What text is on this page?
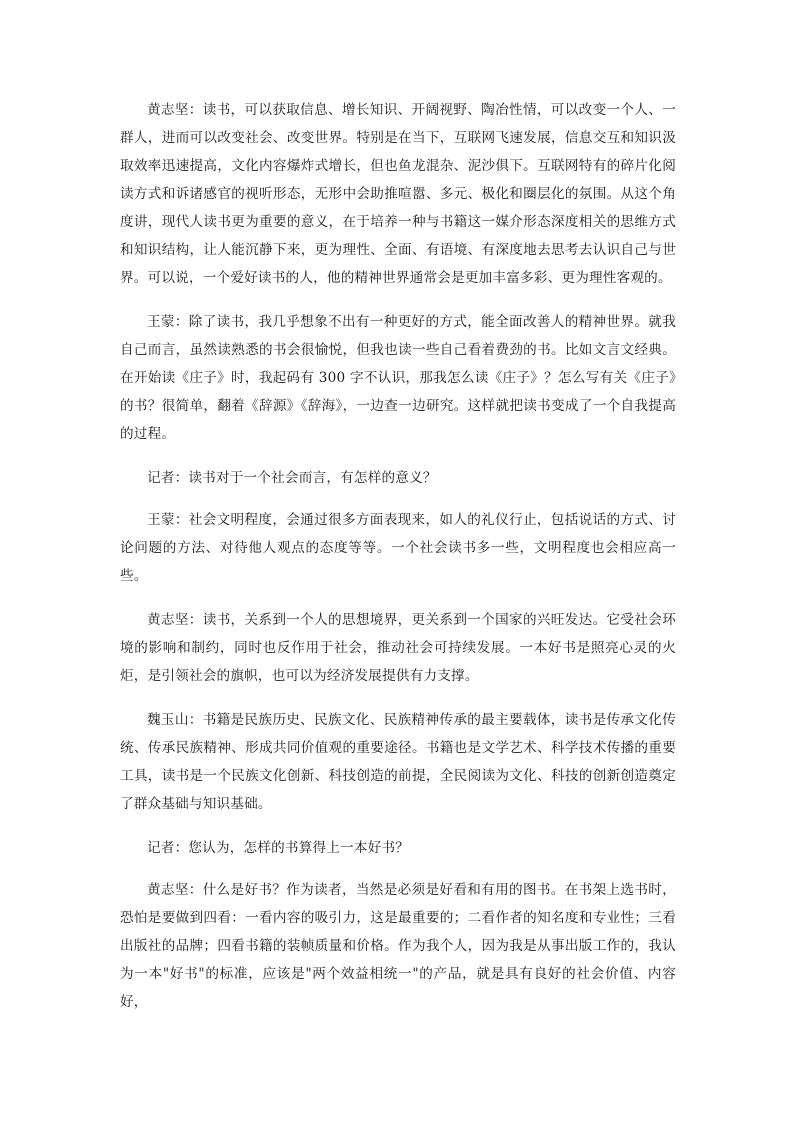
黄志坚：读书，可以获取信息、增长知识、开阔视野、陶冶性情，可以改变一个人、一群人，进而可以改变社会、改变世界。特别是在当下，互联网飞速发展，信息交互和知识汲取效率迅速提高，文化内容爆炸式增长，但也鱼龙混杂、泥沙俱下。互联网特有的碎片化阅读方式和诉诸感官的视听形态，无形中会助推喧嚣、多元、极化和圈层化的氛围。从这个角度讲，现代人读书更为重要的意义，在于培养一种与书籍这一媒介形态深度相关的思维方式和知识结构，让人能沉静下来，更为理性、全面、有语境、有深度地去思考去认识自己与世界。可以说，一个爱好读书的人，他的精神世界通常会是更加丰富多彩、更为理性客观的。

王蒙：除了读书，我几乎想象不出有一种更好的方式，能全面改善人的精神世界。就我自己而言，虽然读熟悉的书会很愉悦，但我也读一些自己看着费劲的书。比如文言文经典。在开始读《庄子》时，我起码有 300 字不认识，那我怎么读《庄子》？怎么写有关《庄子》的书？很简单，翻着《辞源》《辞海》，一边查一边研究。这样就把读书变成了一个自我提高的过程。

记者：读书对于一个社会而言，有怎样的意义？

王蒙：社会文明程度，会通过很多方面表现来，如人的礼仪行止，包括说话的方式、讨论问题的方法、对待他人观点的态度等等。一个社会读书多一些，文明程度也会相应高一些。

黄志坚：读书，关系到一个人的思想境界，更关系到一个国家的兴旺发达。它受社会环境的影响和制约，同时也反作用于社会，推动社会可持续发展。一本好书是照亮心灵的火炬，是引领社会的旗帜，也可以为经济发展提供有力支撑。

魏玉山：书籍是民族历史、民族文化、民族精神传承的最主要载体，读书是传承文化传统、传承民族精神、形成共同价值观的重要途径。书籍也是文学艺术、科学技术传播的重要工具，读书是一个民族文化创新、科技创造的前提，全民阅读为文化、科技的创新创造奠定了群众基础与知识基础。

记者：您认为，怎样的书算得上一本好书？

黄志坚：什么是好书？作为读者，当然是必须是好看和有用的图书。在书架上选书时，恐怕是要做到四看：一看内容的吸引力，这是最重要的；二看作者的知名度和专业性；三看出版社的品牌；四看书籍的装帧质量和价格。作为我个人，因为我是从事出版工作的，我认为一本"好书"的标准，应该是"两个效益相统一"的产品，就是具有良好的社会价值、内容好，
